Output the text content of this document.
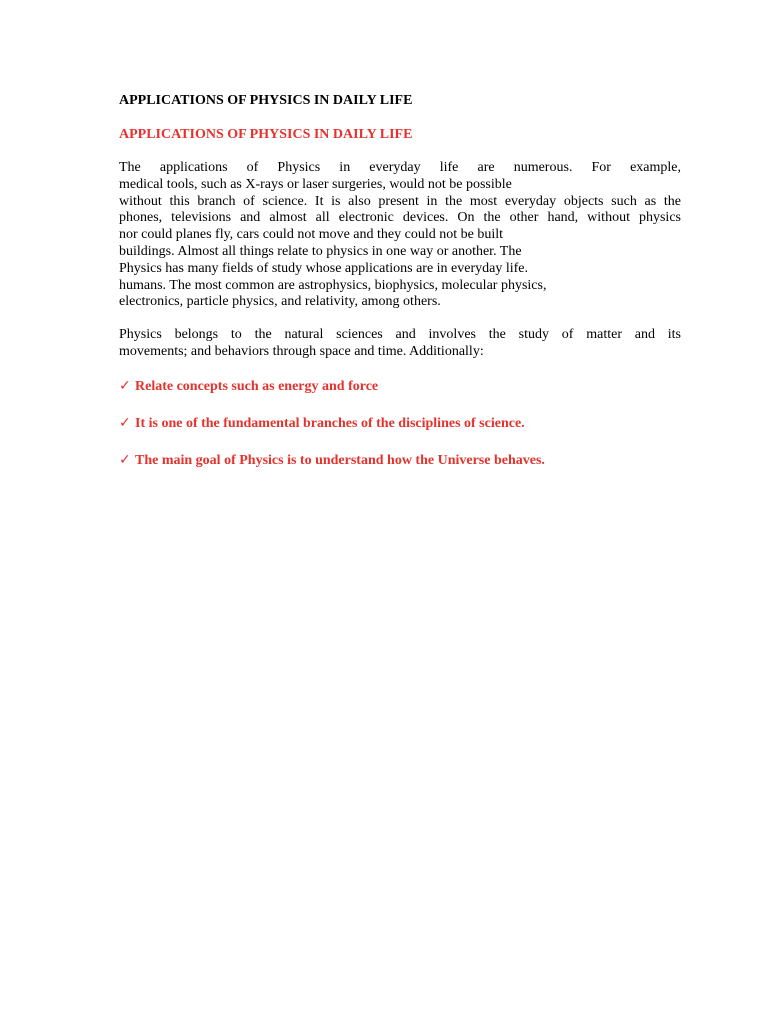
APPLICATIONS OF PHYSICS IN DAILY LIFE
APPLICATIONS OF PHYSICS IN DAILY LIFE

The applications of Physics in everyday life are numerous. For example,
medical tools, such as X-rays or laser surgeries, would not be possible
without this branch of science. It is also present in the most everyday objects such as the
phones, televisions and almost all electronic devices. On the other hand, without physics
nor could planes fly, cars could not move and they could not be built
buildings. Almost all things relate to physics in one way or another. The
Physics has many fields of study whose applications are in everyday life.
humans. The most common are astrophysics, biophysics, molecular physics,
electronics, particle physics, and relativity, among others.

Physics belongs to the natural sciences and involves the study of matter and its
movements; and behaviors through space and time. Additionally:

✓ Relate concepts such as energy and force
✓ It is one of the fundamental branches of the disciplines of science.
✓ The main goal of Physics is to understand how the Universe behaves.
